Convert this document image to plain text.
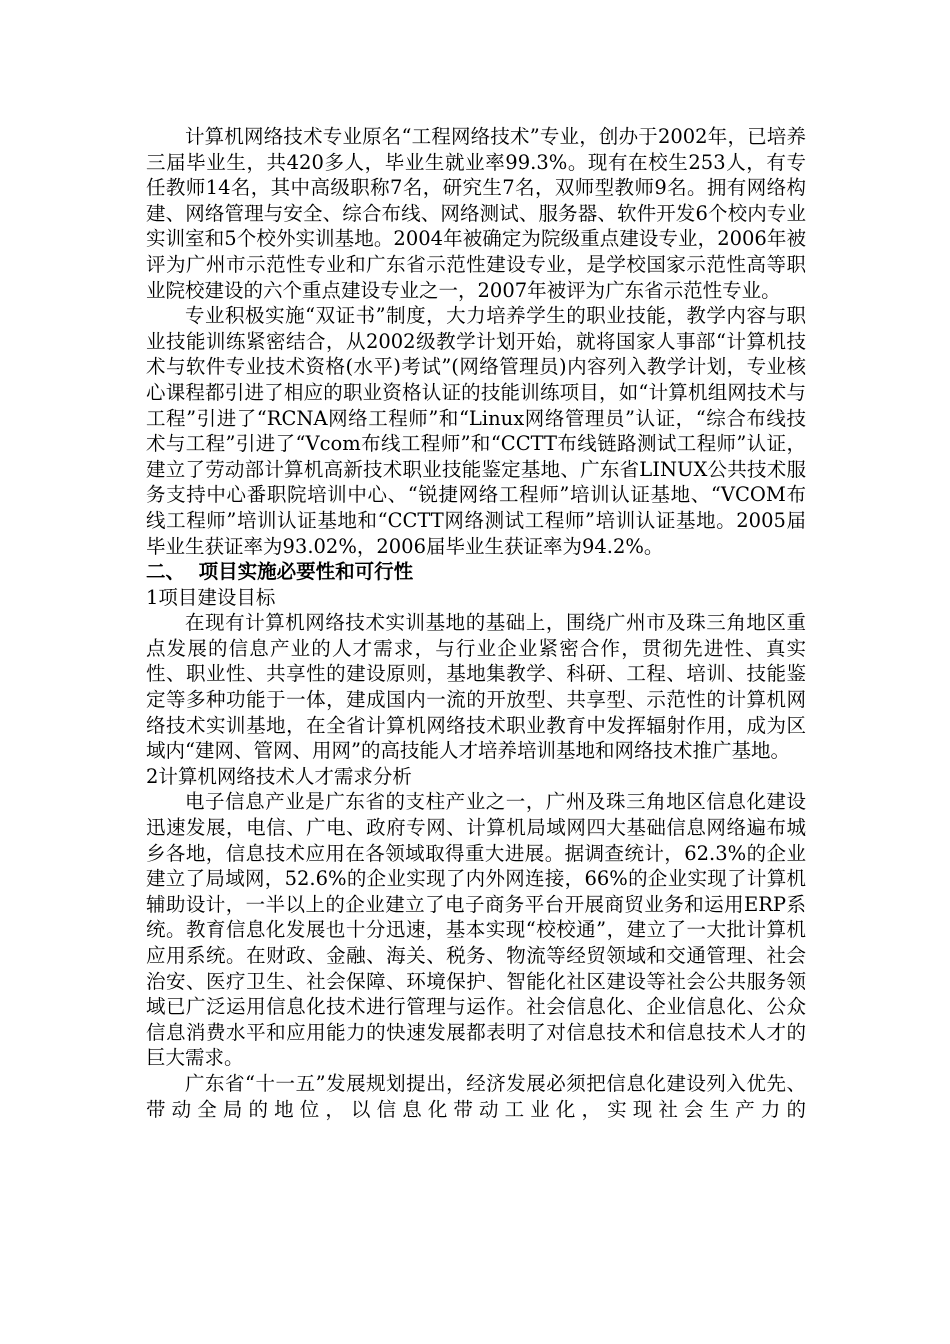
计算机网络技术专业原名“工程网络技术”专业，创办于2002年，已培养三届毕业生，共420多人，毕业生就业率99.3%。现有在校生253人，有专任教师14名，其中高级职称7名，研究生7名，双师型教师9名。拥有网络构建、网络管理与安全、综合布线、网络测试、服务器、软件开发6个校内专业实训室和5个校外实训基地。2004年被确定为院级重点建设专业，2006年被评为广州市示范性专业和广东省示范性建设专业，是学校国家示范性高等职业院校建设的六个重点建设专业之一，2007年被评为广东省示范性专业。

专业积极实施“双证书”制度，大力培养学生的职业技能，教学内容与职业技能训练紧密结合，从2002级教学计划开始，就将国家人事部“计算机技术与软件专业技术资格(水平)考试”(网络管理员)内容列入教学计划，专业核心课程都引进了相应的职业资格认证的技能训练项目，如“计算机组网技术与工程”引进了“RCNA网络工程师”和“Linux网络管理员”认证，“综合布线技术与工程”引进了“Vcom布线工程师”和“CCTT布线链路测试工程师”认证，建立了劳动部计算机高新技术职业技能鉴定基地、广东省LINUX公共技术服务支持中心番职院培训中心、“锐捷网络工程师”培训认证基地、“VCOM布线工程师”培训认证基地和“CCTT网络测试工程师”培训认证基地。2005届毕业生获证率为93.02%，2006届毕业生获证率为94.2%。

二、  项目实施必要性和可行性
1项目建设目标

在现有计算机网络技术实训基地的基础上，围绕广州市及珠三角地区重点发展的信息产业的人才需求，与行业企业紧密合作，贯彻先进性、真实性、职业性、共享性的建设原则，基地集教学、科研、工程、培训、技能鉴定等多种功能于一体，建成国内一流的开放型、共享型、示范性的计算机网络技术实训基地，在全省计算机网络技术职业教育中发挥辐射作用，成为区域内“建网、管网、用网”的高技能人才培养培训基地和网络技术推广基地。

2计算机网络技术人才需求分析

电子信息产业是广东省的支柱产业之一，广州及珠三角地区信息化建设迅速发展，电信、广电、政府专网、计算机局域网四大基础信息网络遍布城乡各地，信息技术应用在各领域取得重大进展。据调查统计，62.3%的企业建立了局域网，52.6%的企业实现了内外网连接，66%的企业实现了计算机辅助设计，一半以上的企业建立了电子商务平台开展商贸业务和运用ERP系统。教育信息化发展也十分迅速，基本实现“校校通”，建立了一大批计算机应用系统。在财政、金融、海关、税务、物流等经贸领域和交通管理、社会治安、医疗卫生、社会保障、环境保护、智能化社区建设等社会公共服务领域已广泛运用信息化技术进行管理与运作。社会信息化、企业信息化、公众信息消费水平和应用能力的快速发展都表明了对信息技术和信息技术人才的巨大需求。

广东省“十一五”发展规划提出，经济发展必须把信息化建设列入优先、带动全局的地位，以信息化带动工业化，实现社会生产力的
